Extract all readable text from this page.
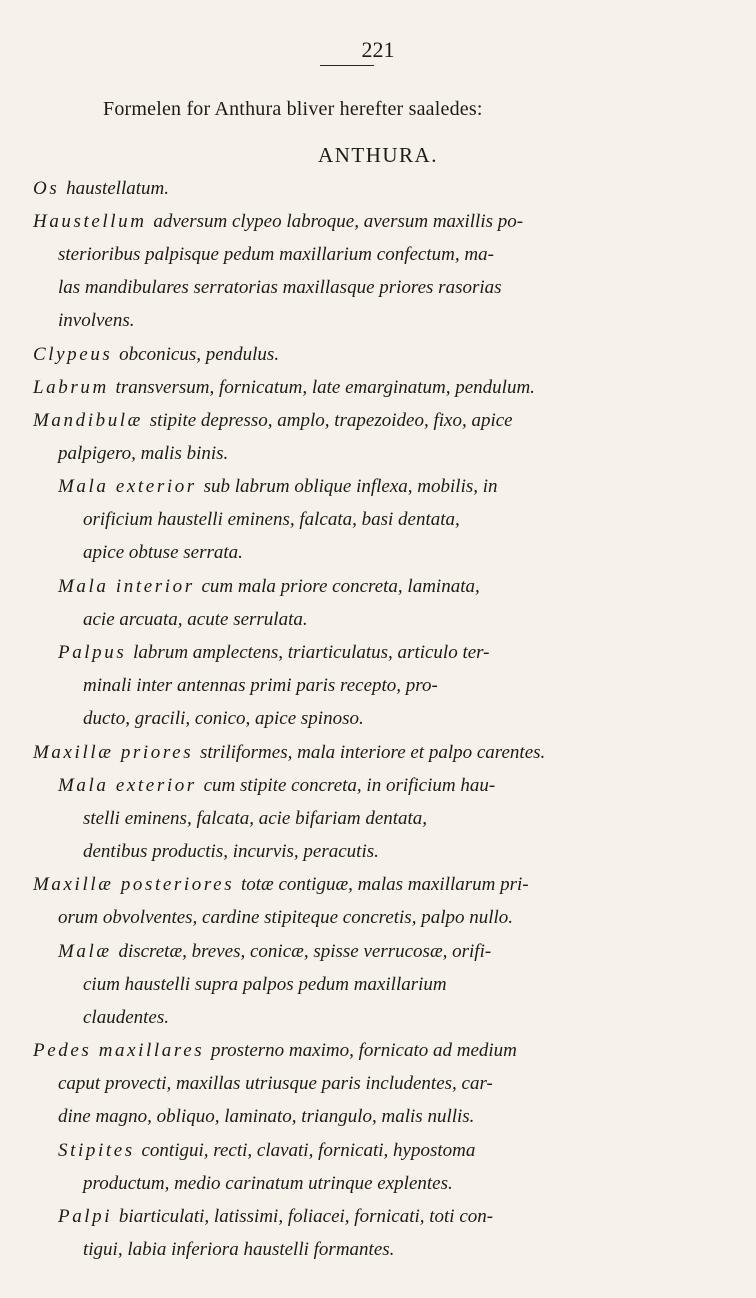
221
Formelen for Anthura bliver herefter saaledes:
ANTHURA.
Os haustellatum.
Haustellum adversum clypeo labroque, aversum maxillis po-
sterioribus palpisque pedum maxillarium confectum, ma-
las mandibulares serratorias maxillasque priores rasorias
involvens.
Clypeus obconicus, pendulus.
Labrum transversum, fornicatum, late emarginatum, pendulum.
Mandibulæ stipite depresso, amplo, trapezoideo, fixo, apice
palpigero, malis binis.
Mala exterior sub labrum oblique inflexa, mobilis, in
orificium haustelli eminens, falcata, basi dentata,
apice obtuse serrata.
Mala interior cum mala priore concreta, laminata,
acie arcuata, acute serrulata.
Palpus labrum amplectens, triarticulatus, articulo ter-
minali inter antennas primi paris recepto, pro-
ducto, gracili, conico, apice spinoso.
Maxillæ priores striliformes, mala interiore et palpo carentes.
Mala exterior cum stipite concreta, in orificium hau-
stelli eminens, falcata, acie bifariam dentata,
dentibus productis, incurvis, peracutis.
Maxillæ posteriores totæ contiguæ, malas maxillarum pri-
orum obvolventes, cardine stipiteque concretis, palpo nullo.
Malæ discretæ, breves, conicæ, spisse verrucosæ, orifi-
cium haustelli supra palpos pedum maxillarium
claudentes.
Pedes maxillares prosterno maximo, fornicato ad medium
caput provecti, maxillas utriusque paris includentes, car-
dine magno, obliquo, laminato, triangulo, malis nullis.
Stipites contigui, recti, clavati, fornicati, hypostoma
productum, medio carinatum utrinque explentes.
Palpi biarticulati, latissimi, foliacei, fornicati, toti con-
tigui, labia inferiora haustelli formantes.
